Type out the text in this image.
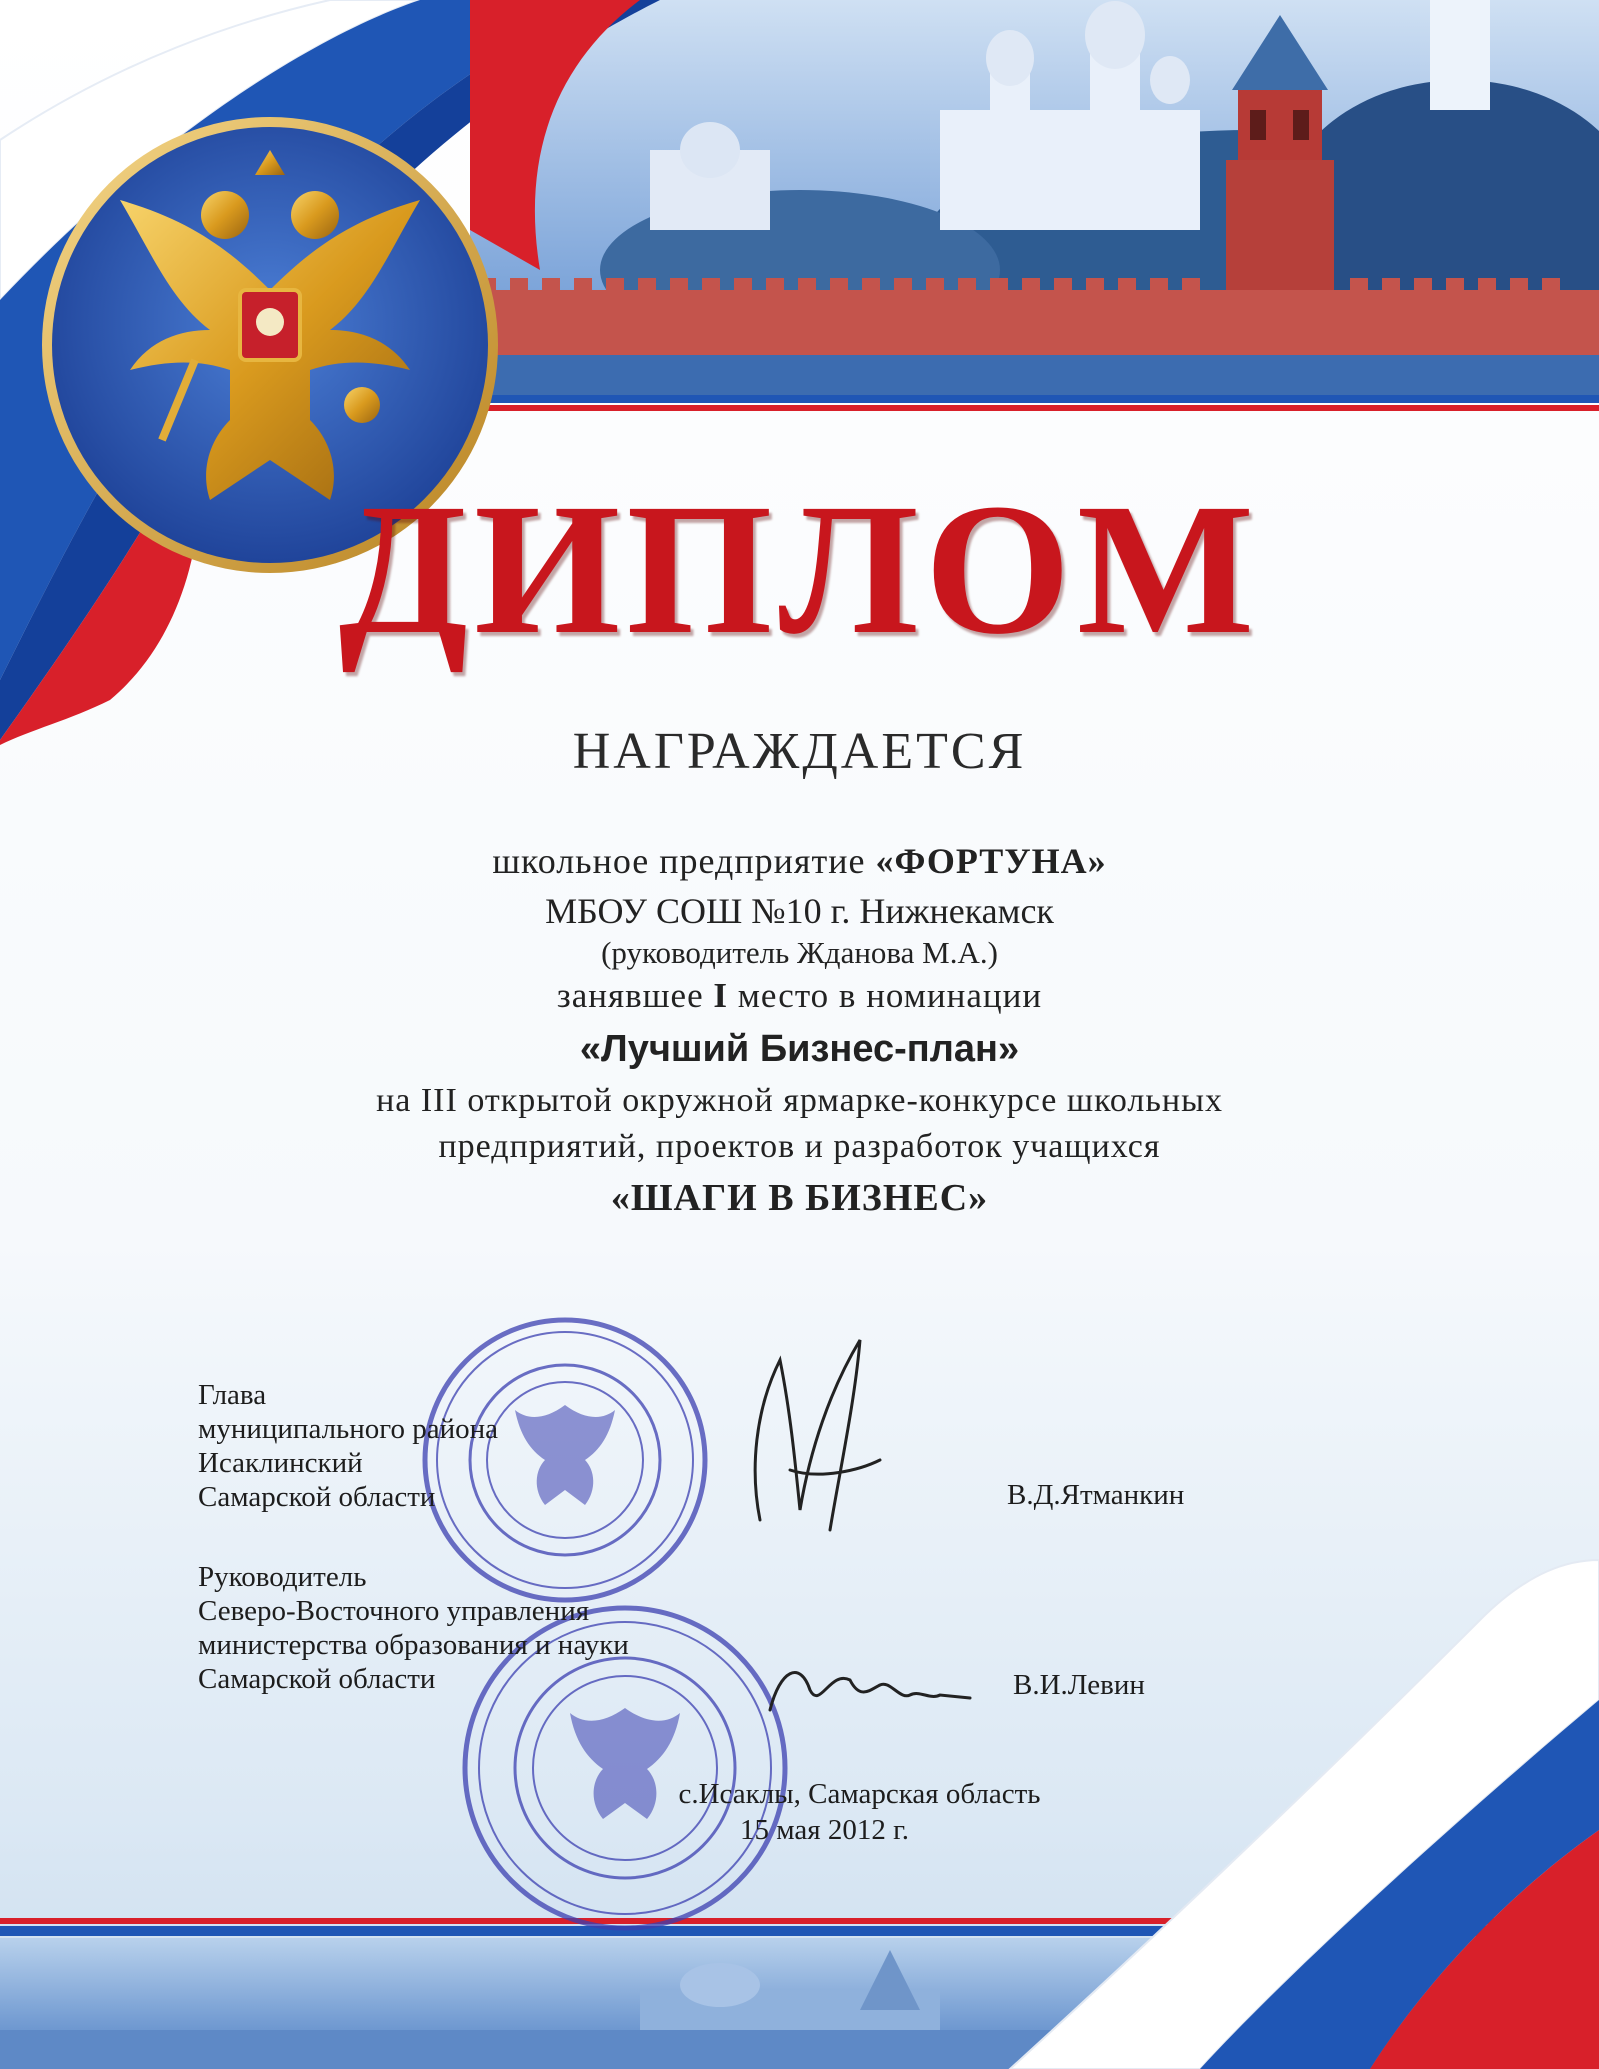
ДИПЛОМ
НАГРАЖДАЕТСЯ
школьное предприятие «ФОРТУНА»
МБОУ СОШ №10 г. Нижнекамск
(руководитель Жданова М.А.)
занявшее I место в номинации
«Лучший Бизнес-план»
на III открытой окружной ярмарке-конкурсе школьных
предприятий, проектов и разработок учащихся
«ШАГИ В БИЗНЕС»
Глава
муниципального района
Исаклинский
Самарской области	В.Д.Ятманкин
Руководитель
Северо-Восточного управления
министерства образования и науки
Самарской области	В.И.Левин
с.Исаклы, Самарская область
15 мая 2012 г.
